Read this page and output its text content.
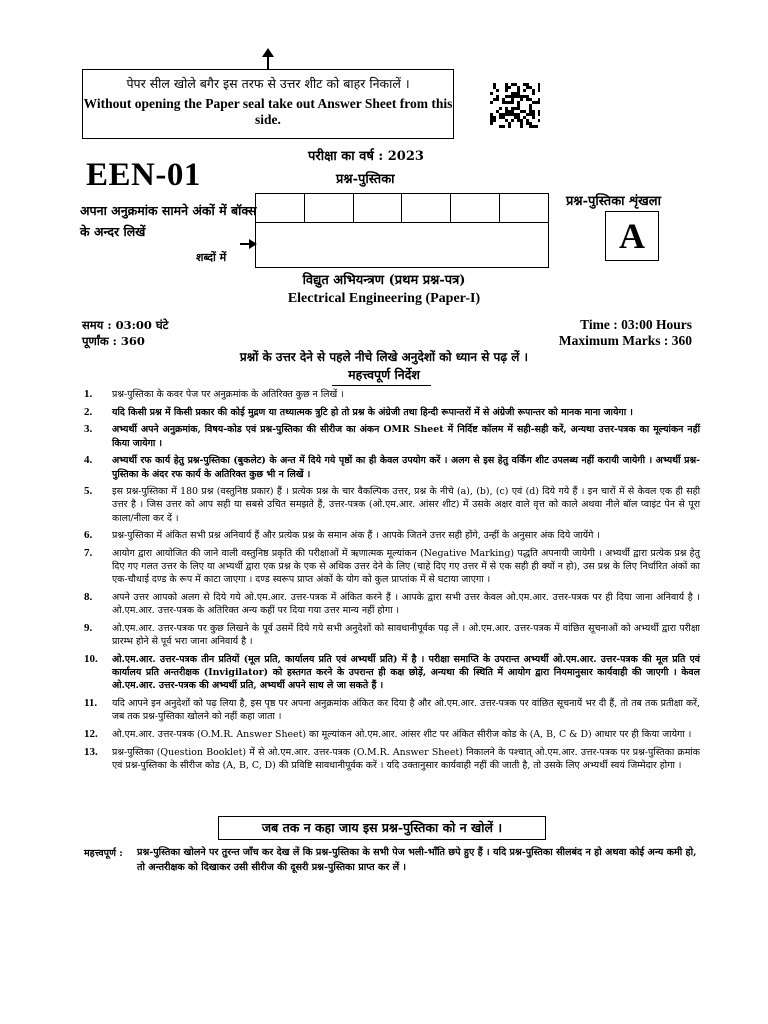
पेपर सील खोले बगैर इस तरफ से उत्तर शीट को बाहर निकालें ।
Without opening the Paper seal take out Answer Sheet from this side.
परीक्षा का वर्ष : 2023
EEN-01	प्रश्न-पुस्तिका
प्रश्न-पुस्तिका शृंखला
A
अपना अनुक्रमांक सामने अंकों में बॉक्स के अन्दर लिखें
शब्दों में
विद्युत अभियन्त्रण (प्रथम प्रश्न-पत्र)
Electrical Engineering (Paper-I)
समय : 03:00 घंटे
पूर्णांक : 360
Time : 03:00 Hours
Maximum Marks : 360
प्रश्नों के उत्तर देने से पहले नीचे लिखे अनुदेशों को ध्यान से पढ़ लें ।
महत्त्वपूर्ण निर्देश
1.	प्रश्न-पुस्तिका के कवर पेज पर अनुक्रमांक के अतिरिक्त कुछ न लिखें ।
2.	यदि किसी प्रश्न में किसी प्रकार की कोई मुद्रण या तथ्यात्मक त्रुटि हो तो प्रश्न के अंग्रेजी तथा हिन्दी रूपान्तरों में से अंग्रेजी रूपान्तर को मानक माना जायेगा ।
3.	अभ्यर्थी अपने अनुक्रमांक, विषय-कोड एवं प्रश्न-पुस्तिका की सीरीज का अंकन OMR Sheet में निर्दिष्ट कॉलम में सही-सही करें, अन्यथा उत्तर-पत्रक का मूल्यांकन नहीं किया जायेगा ।
4.	अभ्यर्थी रफ कार्य हेतु प्रश्न-पुस्तिका (बुकलेट) के अन्त में दिये गये पृष्ठों का ही केवल उपयोग करें । अलग से इस हेतु वर्किंग शीट उपलब्ध नहीं करायी जायेगी । अभ्यर्थी प्रश्न-पुस्तिका के अंदर रफ कार्य के अतिरिक्त कुछ भी न लिखें ।
5.	इस प्रश्न-पुस्तिका में 180 प्रश्न (वस्तुनिष्ठ प्रकार) हैं । प्रत्येक प्रश्न के चार वैकल्पिक उत्तर, प्रश्न के नीचे (a), (b), (c) एवं (d) दिये गये हैं । इन चारों में से केवल एक ही सही उत्तर है । जिस उत्तर को आप सही या सबसे उचित समझते हैं, उत्तर-पत्रक (ओ.एम.आर. आंसर शीट) में उसके अक्षर वाले वृत्त को काले अथवा नीले बॉल प्वाइंट पेन से पूरा काला/नीला कर दें ।
6.	प्रश्न-पुस्तिका में अंकित सभी प्रश्न अनिवार्य हैं और प्रत्येक प्रश्न के समान अंक हैं । आपके जितने उत्तर सही होंगे, उन्हीं के अनुसार अंक दिये जायेंगे ।
7.	आयोग द्वारा आयोजित की जाने वाली वस्तुनिष्ठ प्रकृति की परीक्षाओं में ऋणात्मक मूल्यांकन (Negative Marking) पद्धति अपनायी जायेगी । अभ्यर्थी द्वारा प्रत्येक प्रश्न हेतु दिए गए गलत उत्तर के लिए या अभ्यर्थी द्वारा एक प्रश्न के एक से अधिक उत्तर देने के लिए (चाहे दिए गए उत्तर में से एक सही ही क्यों न हो), उस प्रश्न के लिए निर्धारित अंकों का एक-चौथाई दण्ड के रूप में काटा जाएगा । दण्ड स्वरूप प्राप्त अंकों के योग को कुल प्राप्तांक में से घटाया जाएगा ।
8.	अपने उत्तर आपको अलग से दिये गये ओ.एम.आर. उत्तर-पत्रक में अंकित करने हैं । आपके द्वारा सभी उत्तर केवल ओ.एम.आर. उत्तर-पत्रक पर ही दिया जाना अनिवार्य है । ओ.एम.आर. उत्तर-पत्रक के अतिरिक्त अन्य कहीं पर दिया गया उत्तर मान्य नहीं होगा ।
9.	ओ.एम.आर. उत्तर-पत्रक पर कुछ लिखने के पूर्व उसमें दिये गये सभी अनुदेशों को सावधानीपूर्वक पढ़ लें । ओ.एम.आर. उत्तर-पत्रक में वांछित सूचनाओं को अभ्यर्थी द्वारा परीक्षा प्रारम्भ होने से पूर्व भरा जाना अनिवार्य है ।
10.	ओ.एम.आर. उत्तर-पत्रक तीन प्रतियों (मूल प्रति, कार्यालय प्रति एवं अभ्यर्थी प्रति) में है । परीक्षा समाप्ति के उपरान्त अभ्यर्थी ओ.एम.आर. उत्तर-पत्रक की मूल प्रति एवं कार्यालय प्रति अन्तरीक्षक (Invigilator) को हस्तगत करने के उपरान्त ही कक्ष छोड़ें, अन्यथा की स्थिति में आयोग द्वारा नियमानुसार कार्यवाही की जाएगी । केवल ओ.एम.आर. उत्तर-पत्रक की अभ्यर्थी प्रति, अभ्यर्थी अपने साथ ले जा सकते हैं ।
11.	यदि आपने इन अनुदेशों को पढ़ लिया है, इस पृष्ठ पर अपना अनुक्रमांक अंकित कर दिया है और ओ.एम.आर. उत्तर-पत्रक पर वांछित सूचनायें भर दी हैं, तो तब तक प्रतीक्षा करें, जब तक प्रश्न-पुस्तिका खोलने को नहीं कहा जाता ।
12.	ओ.एम.आर. उत्तर-पत्रक (O.M.R. Answer Sheet) का मूल्यांकन ओ.एम.आर. आंसर शीट पर अंकित सीरीज कोड के (A, B, C & D) आधार पर ही किया जायेगा ।
13.	प्रश्न-पुस्तिका (Question Booklet) में से ओ.एम.आर. उत्तर-पत्रक (O.M.R. Answer Sheet) निकालने के पश्चात् ओ.एम.आर. उत्तर-पत्रक पर प्रश्न-पुस्तिका क्रमांक एवं प्रश्न-पुस्तिका के सीरीज कोड (A, B, C, D) की प्रविष्टि सावधानीपूर्वक करें । यदि उक्तानुसार कार्यवाही नहीं की जाती है, तो उसके लिए अभ्यर्थी स्वयं जिम्मेदार होगा ।
जब तक न कहा जाय इस प्रश्न-पुस्तिका को न खोलें ।
महत्त्वपूर्ण : प्रश्न-पुस्तिका खोलने पर तुरन्त जाँच कर देख लें कि प्रश्न-पुस्तिका के सभी पेज भली-भाँति छपे हुए हैं । यदि प्रश्न-पुस्तिका सीलबंद न हो अथवा कोई अन्य कमी हो, तो अन्तरीक्षक को दिखाकर उसी सीरीज की दूसरी प्रश्न-पुस्तिका प्राप्त कर लें ।
